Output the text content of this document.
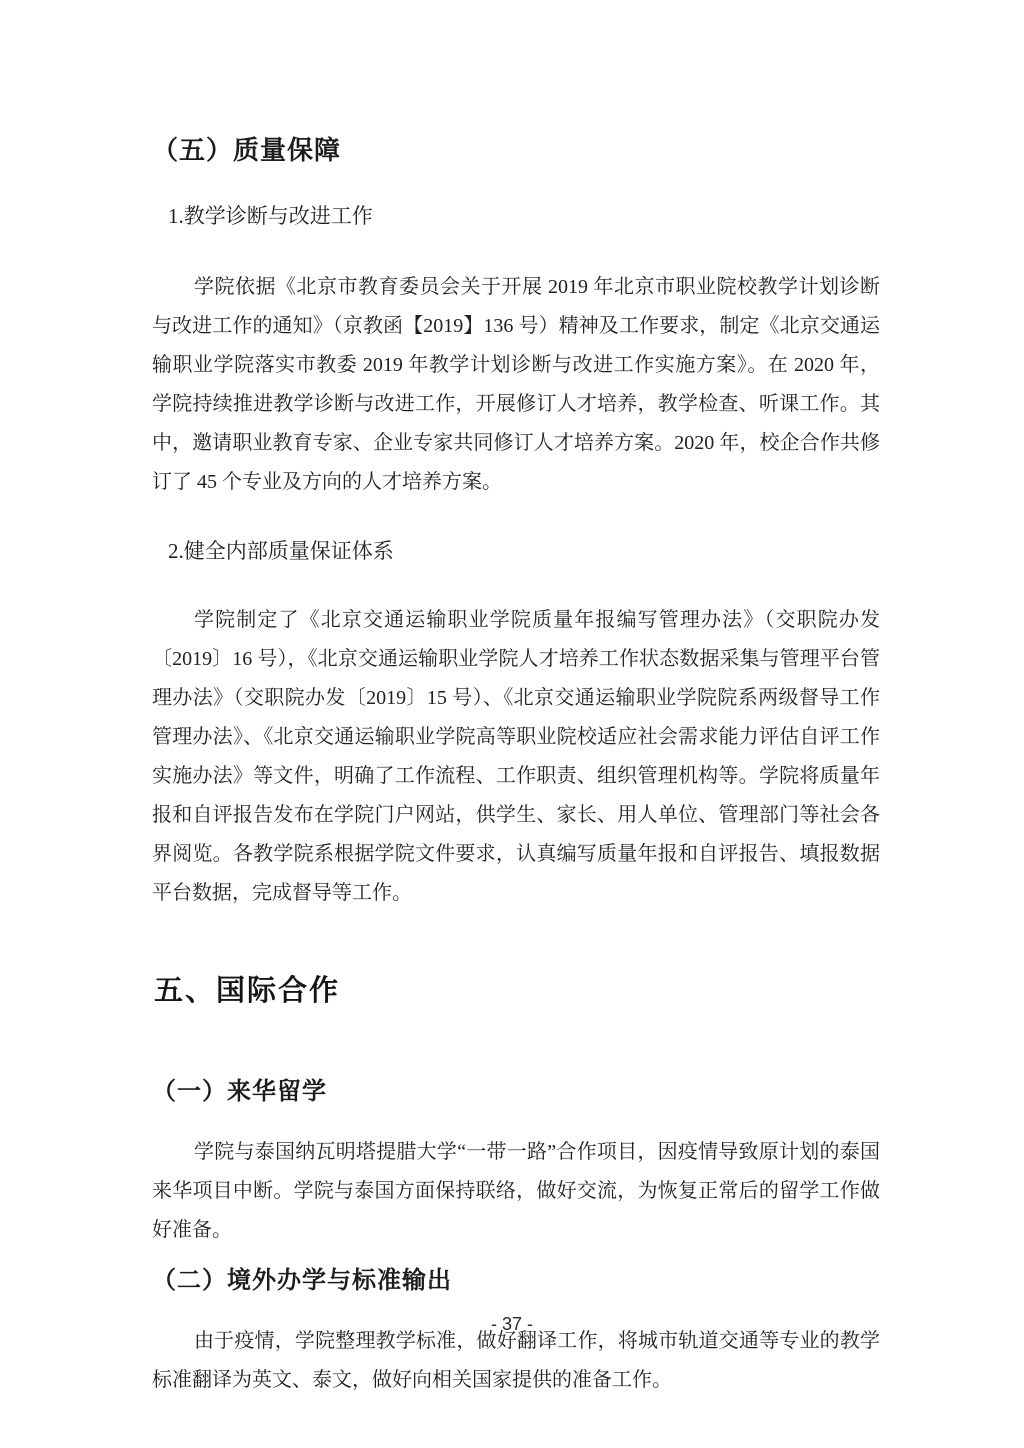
（五）质量保障
1.教学诊断与改进工作

学院依据《北京市教育委员会关于开展 2019 年北京市职业院校教学计划诊断与改进工作的通知》（京教函【2019】136 号）精神及工作要求，制定《北京交通运输职业学院落实市教委 2019 年教学计划诊断与改进工作实施方案》。在 2020 年，学院持续推进教学诊断与改进工作，开展修订人才培养，教学检查、听课工作。其中，邀请职业教育专家、企业专家共同修订人才培养方案。2020 年，校企合作共修订了 45 个专业及方向的人才培养方案。

2.健全内部质量保证体系

学院制定了《北京交通运输职业学院质量年报编写管理办法》（交职院办发〔2019〕16 号），《北京交通运输职业学院人才培养工作状态数据采集与管理平台管理办法》（交职院办发〔2019〕15 号）、《北京交通运输职业学院院系两级督导工作管理办法》、《北京交通运输职业学院高等职业院校适应社会需求能力评估自评工作实施办法》等文件，明确了工作流程、工作职责、组织管理机构等。学院将质量年报和自评报告发布在学院门户网站，供学生、家长、用人单位、管理部门等社会各界阅览。各教学院系根据学院文件要求，认真编写质量年报和自评报告、填报数据平台数据，完成督导等工作。

五、国际合作
（一）来华留学

学院与泰国纳瓦明塔提腊大学“一带一路”合作项目，因疫情导致原计划的泰国来华项目中断。学院与泰国方面保持联络，做好交流，为恢复正常后的留学工作做好准备。

（二）境外办学与标准输出

由于疫情，学院整理教学标准，做好翻译工作，将城市轨道交通等专业的教学标准翻译为英文、泰文，做好向相关国家提供的准备工作。

- 37 -
